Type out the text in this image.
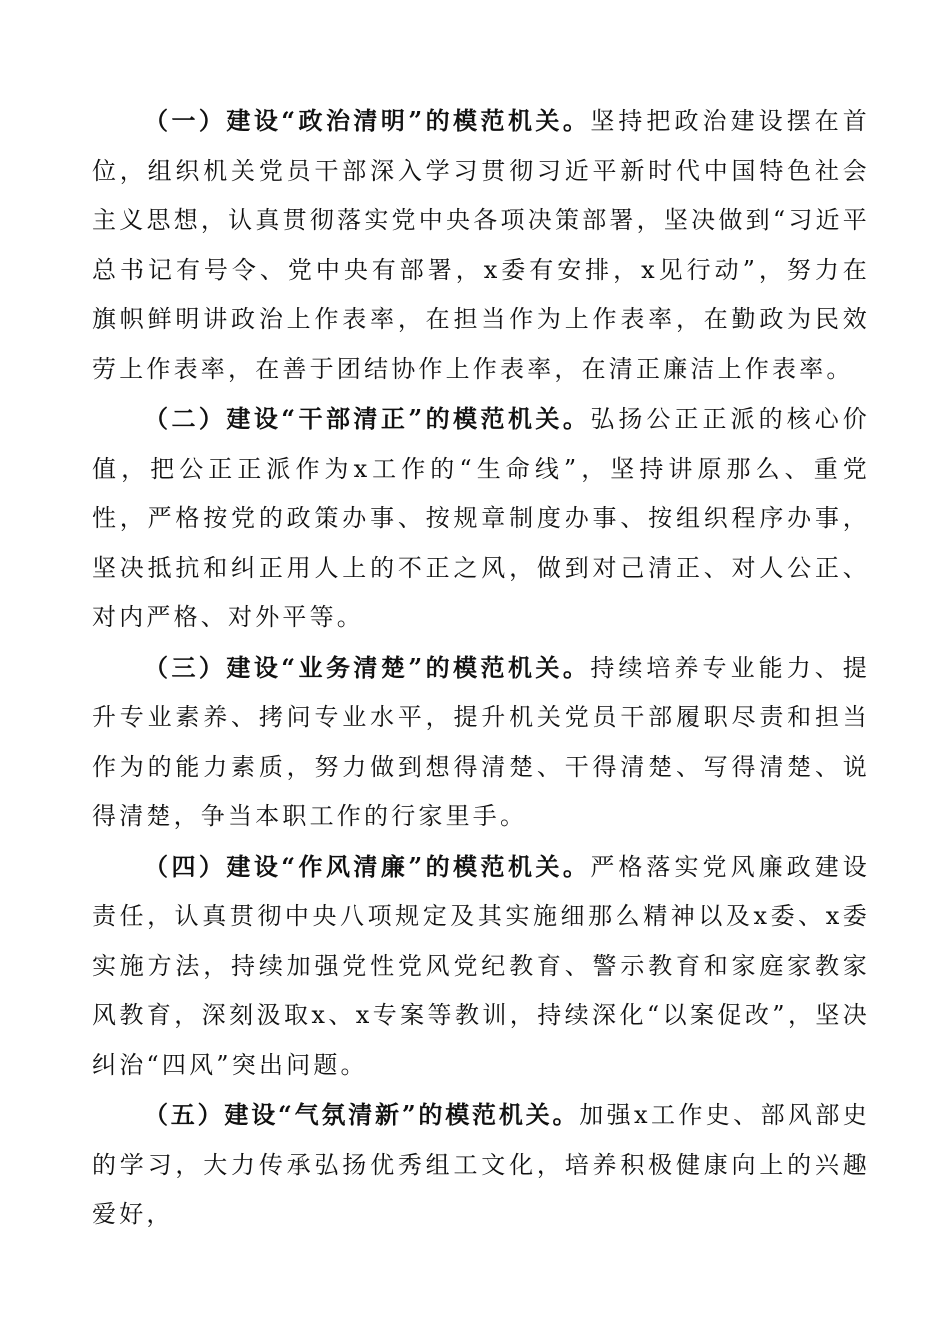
（一）建设“政治清明”的模范机关。坚持把政治建设摆在首位，组织机关党员干部深入学习贯彻习近平新时代中国特色社会主义思想，认真贯彻落实党中央各项决策部署，坚决做到“习近平总书记有号令、党中央有部署，x委有安排，x见行动”，努力在旗帜鲜明讲政治上作表率，在担当作为上作表率，在勤政为民效劳上作表率，在善于团结协作上作表率，在清正廉洁上作表率。

（二）建设“干部清正”的模范机关。弘扬公正正派的核心价值，把公正正派作为x工作的“生命线”，坚持讲原那么、重党性，严格按党的政策办事、按规章制度办事、按组织程序办事，坚决抵抗和纠正用人上的不正之风，做到对己清正、对人公正、对内严格、对外平等。

（三）建设“业务清楚”的模范机关。持续培养专业能力、提升专业素养、拷问专业水平，提升机关党员干部履职尽责和担当作为的能力素质，努力做到想得清楚、干得清楚、写得清楚、说得清楚，争当本职工作的行家里手。

（四）建设“作风清廉”的模范机关。严格落实党风廉政建设责任，认真贯彻中央八项规定及其实施细那么精神以及x委、x委实施方法，持续加强党性党风党纪教育、警示教育和家庭家教家风教育，深刻汲取x、x专案等教训，持续深化“以案促改”，坚决纠治“四风”突出问题。

（五）建设“气氛清新”的模范机关。加强x工作史、部风部史的学习，大力传承弘扬优秀组工文化，培养积极健康向上的兴趣爱好，
